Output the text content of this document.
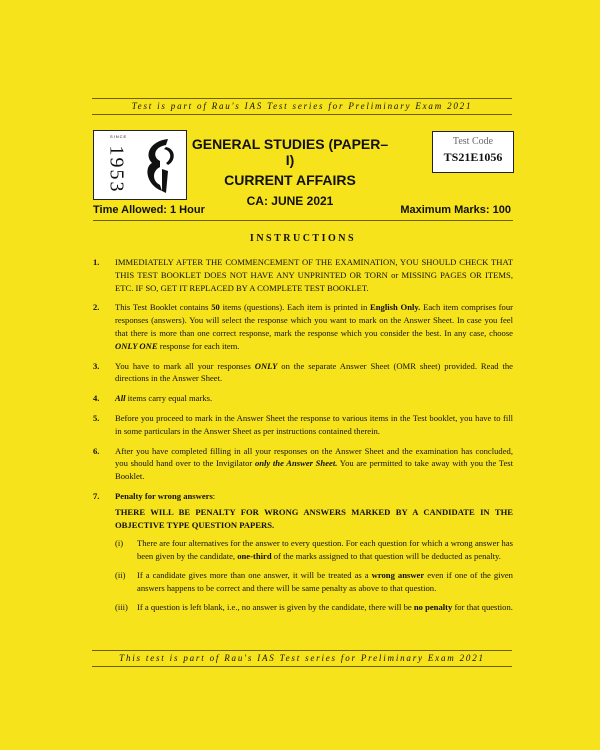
Test is part of Rau's IAS Test series for Preliminary Exam 2021
SINCE
1953
GENERAL STUDIES (PAPER–I)
CURRENT AFFAIRS
CA: JUNE 2021
Test Code
TS21E1056
Time Allowed: 1 Hour	Maximum Marks: 100
INSTRUCTIONS
1. IMMEDIATELY AFTER THE COMMENCEMENT OF THE EXAMINATION, YOU SHOULD CHECK THAT THIS TEST BOOKLET DOES NOT HAVE ANY UNPRINTED OR TORN or MISSING PAGES OR ITEMS, ETC. IF SO, GET IT REPLACED BY A COMPLETE TEST BOOKLET.
2. This Test Booklet contains 50 items (questions). Each item is printed in English Only. Each item comprises four responses (answers). You will select the response which you want to mark on the Answer Sheet. In case you feel that there is more than one correct response, mark the response which you consider the best. In any case, choose ONLY ONE response for each item.
3. You have to mark all your responses ONLY on the separate Answer Sheet (OMR sheet) provided. Read the directions in the Answer Sheet.
4. All items carry equal marks.
5. Before you proceed to mark in the Answer Sheet the response to various items in the Test booklet, you have to fill in some particulars in the Answer Sheet as per instructions contained therein.
6. After you have completed filling in all your responses on the Answer Sheet and the examination has concluded, you should hand over to the Invigilator only the Answer Sheet. You are permitted to take away with you the Test Booklet.
7. Penalty for wrong answers:
THERE WILL BE PENALTY FOR WRONG ANSWERS MARKED BY A CANDIDATE IN THE OBJECTIVE TYPE QUESTION PAPERS.
(i) There are four alternatives for the answer to every question. For each question for which a wrong answer has been given by the candidate, one-third of the marks assigned to that question will be deducted as penalty.
(ii) If a candidate gives more than one answer, it will be treated as a wrong answer even if one of the given answers happens to be correct and there will be same penalty as above to that question.
(iii) If a question is left blank, i.e., no answer is given by the candidate, there will be no penalty for that question.
This test is part of Rau's IAS Test series for Preliminary Exam 2021
